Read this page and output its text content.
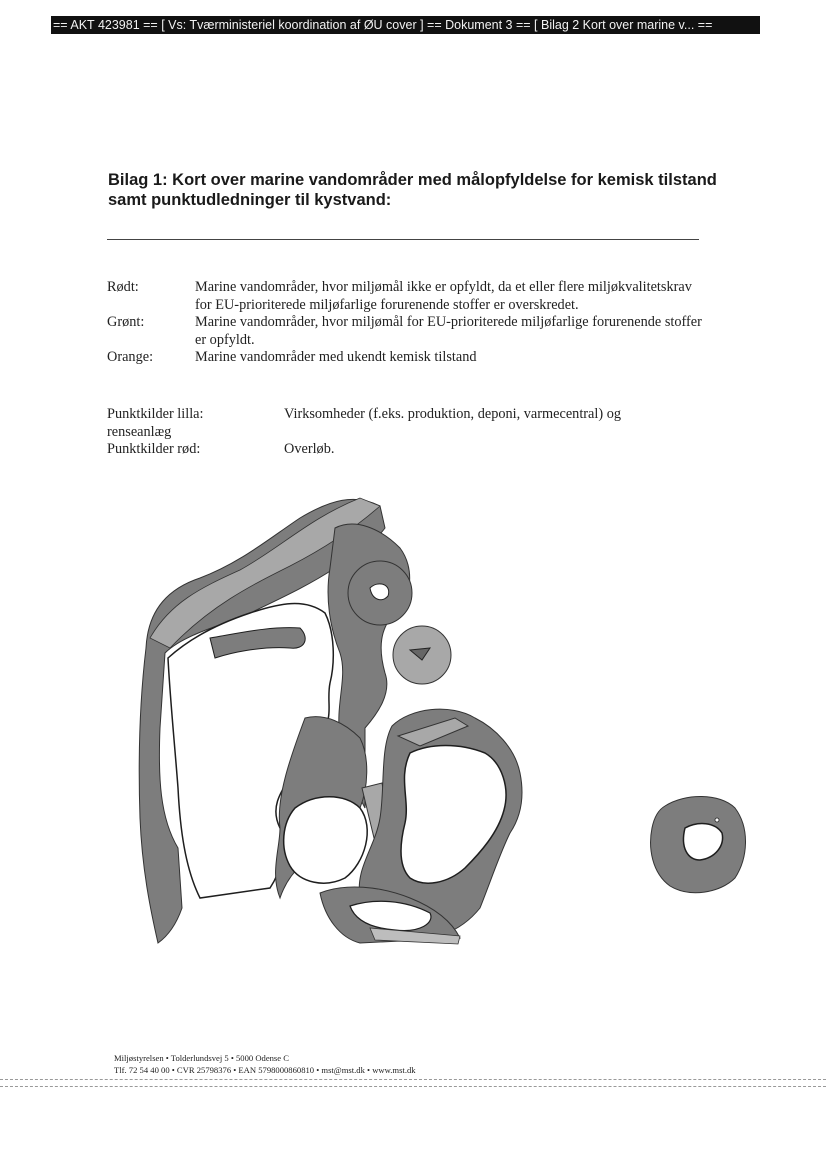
== AKT 423981 == [ Vs: Tværministeriel koordination af ØU cover ] == Dokument 3 == [ Bilag 2 Kort over marine v... ==
Bilag 1: Kort over marine vandområder med målopfyldelse for kemisk tilstand samt punktudledninger til kystvand:
Rødt:	Marine vandområder, hvor miljømål ikke er opfyldt, da et eller flere miljøkvalitetskrav for EU-prioriterede miljøfarlige forurenende stoffer er overskredet.
Grønt:	Marine vandområder, hvor miljømål for EU-prioriterede miljøfarlige forurenende stoffer er opfyldt.
Orange:	Marine vandområder med ukendt kemisk tilstand
Punktkilder lilla:	Virksomheder (f.eks. produktion, deponi, varmecentral) og
renseanlæg
Punktkilder rød:	Overløb.
Miljøstyrelsen • Tolderlundsvej 5 • 5000 Odense C
Tlf. 72 54 40 00 • CVR 25798376 • EAN 5798000860810 • mst@mst.dk • www.mst.dk
